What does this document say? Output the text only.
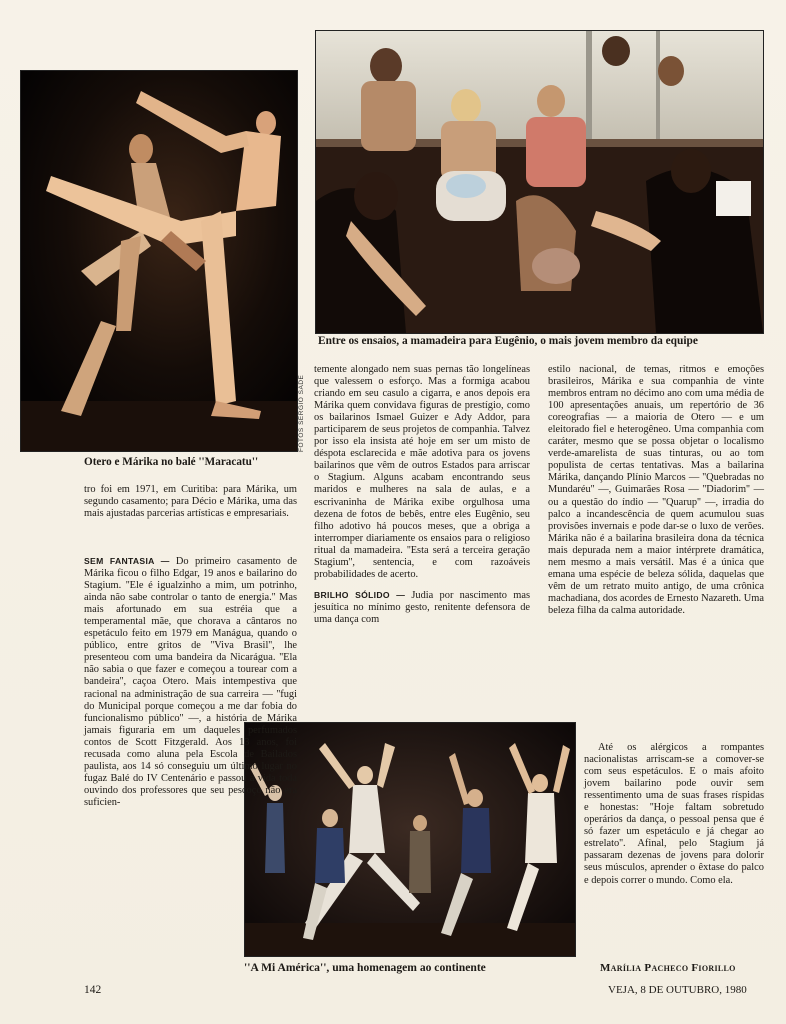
FOTOS SÉRGIO SADE
Otero e Márika no balé ''Maracatu''
Entre os ensaios, a mamadeira para Eugênio, o mais jovem membro da equipe
''A Mi América'', uma homenagem ao continente

tro foi em 1971, em Curitiba: para Márika, um segundo casamento; para Décio e Márika, uma das mais ajustadas parcerias artísticas e empresariais.

SEM FANTASIA — Do primeiro casamento de Márika ficou o filho Edgar, 19 anos e bailarino do Stagium. ''Ele é igualzinho a mim, um potrinho, ainda não sabe controlar o tanto de energia.'' Mas mais afortunado em sua estréia que a temperamental mãe, que chorava a cântaros no espetáculo feito em 1979 em Manágua, quando o público, entre gritos de ''Viva Brasil'', lhe presenteou com uma bandeira da Nicarágua. ''Ela não sabia o que fazer e começou a tourear com a bandeira'', caçoa Otero. Mais intempestiva que racional na administração de sua carreira — ''fugi do Municipal porque começou a me dar fobia do funcionalismo público'' —, a história de Márika jamais figuraria em um daqueles perfumados contos de Scott Fitzgerald. Aos 13 anos, foi recusada como aluna pela Escola de Bailados paulista, aos 14 só conseguiu um último lugar no fugaz Balé do IV Centenário e passou a vida toda ouvindo dos professores que seu pescoço não era suficien-

temente alongado nem suas pernas tão longelíneas que valessem o esforço. Mas a formiga acabou criando em seu casulo a cigarra, e anos depois era Márika quem convidava figuras de prestígio, como os bailarinos Ismael Guizer e Ady Addor, para participarem de seus projetos de companhia. Talvez por isso ela insista até hoje em ser um misto de déspota esclarecida e mãe adotiva para os jovens bailarinos que vêm de outros Estados para arriscar o Stagium. Alguns acabam encontrando seus maridos e mulheres na sala de aulas, e a escrivaninha de Márika exibe orgulhosa uma dezena de fotos de bebês, entre eles Eugênio, seu filho adotivo há poucos meses, que a obriga a interromper diariamente os ensaios para o religioso ritual da mamadeira. ''Esta será a terceira geração Stagium'', sentencia, e com razoáveis probabilidades de acerto.

BRILHO SÓLIDO — Judia por nascimento mas jesuítica no mínimo gesto, renitente defensora de uma dança com

estilo nacional, de temas, ritmos e emoções brasileiros, Márika e sua companhia de vinte membros entram no décimo ano com uma média de 100 apresentações anuais, um repertório de 36 coreografias — a maioria de Otero — e um eleitorado fiel e heterogêneo. Uma companhia com caráter, mesmo que se possa objetar o localismo verde-amarelista de suas tinturas, ou ao tom populista de certas tentativas. Mas a bailarina Márika, dançando Plínio Marcos — ''Quebradas no Mundaréu'' —, Guimarães Rosa — ''Diadorim'' — ou a questão do índio — ''Quarup'' —, irradia do palco a incandescência de quem acumulou suas provisões invernais e pode dar-se o luxo de verões. Márika não é a bailarina brasileira dona da técnica mais depurada nem a maior intérprete dramática, nem mesmo a mais versátil. Mas é a única que emana uma espécie de beleza sólida, daquelas que vêm de um retrato muito antigo, de uma crônica machadiana, dos acordes de Ernesto Nazareth. Uma beleza filha da calma autoridade.

Até os alérgicos a rompantes nacionalistas arriscam-se a comover-se com seus espetáculos. E o mais afoito jovem bailarino pode ouvir sem ressentimento uma de suas frases ríspidas e honestas: ''Hoje faltam sobretudo operários da dança, o pessoal pensa que é só fazer um espetáculo e já chegar ao estrelato''. Afinal, pelo Stagium já passaram dezenas de jovens para dolorir seus músculos, aprender o êxtase do palco e depois correr o mundo. Como ela.

Marília Pacheco Fiorillo
142	VEJA, 8 DE OUTUBRO, 1980
